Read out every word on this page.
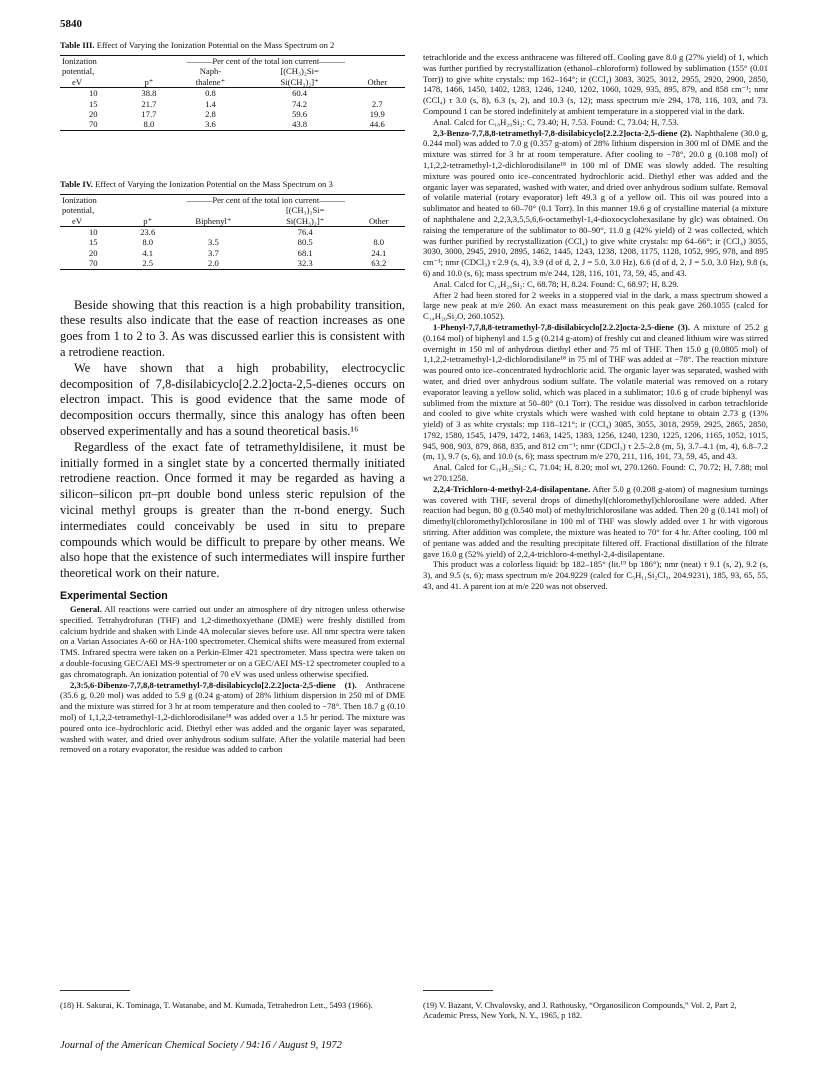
5840
Table III. Effect of Varying the Ionization Potential on the Mass Spectrum on 2
Ionization	———Per cent of the total ion current———			
potential,		Naph-	[(CH₃)₂Si=	
eV	p⁺	thalene⁺	Si(CH₃)₂]⁺	Other
10	38.8	0.8	60.4	
15	21.7	1.4	74.2	2.7
20	17.7	2.8	59.6	19.9
70	8.0	3.6	43.8	44.6
Table IV. Effect of Varying the Ionization Potential on the Mass Spectrum on 3
Ionization	———Per cent of the total ion current———			
potential,			[(CH₃)₂Si=	
eV	p⁺	Biphenyl⁺	Si(CH₃)₂]⁺	Other
10	23.6		76.4	
15	8.0	3.5	80.5	8.0
20	4.1	3.7	68.1	24.1
70	2.5	2.0	32.3	63.2

Beside showing that this reaction is a high probability transition, these results also indicate that the ease of reaction increases as one goes from 1 to 2 to 3. As was discussed earlier this is consistent with a retrodiene reaction.

We have shown that a high probability, electrocyclic decomposition of 7,8-disilabicyclo[2.2.2]octa-2,5-dienes occurs on electron impact. This is good evidence that the same mode of decomposition occurs thermally, since this analogy has often been observed experimentally and has a sound theoretical basis.¹⁶

Regardless of the exact fate of tetramethyldisilene, it must be initially formed in a singlet state by a concerted thermally initiated retrodiene reaction. Once formed it may be regarded as having a silicon–silicon pπ–pπ double bond unless steric repulsion of the vicinal methyl groups is greater than the π-bond energy. Such intermediates could conceivably be used in situ to prepare compounds which would be difficult to prepare by other means. We also hope that the existence of such intermediates will inspire further theoretical work on their nature.

Experimental Section

General. All reactions were carried out under an atmosphere of dry nitrogen unless otherwise specified. Tetrahydrofuran (THF) and 1,2-dimethoxyethane (DME) were freshly distilled from calcium hydride and shaken with Linde 4A molecular sieves before use. All nmr spectra were taken on a Varian Associates A-60 or HA-100 spectrometer. Chemical shifts were measured from external TMS. Infrared spectra were taken on a Perkin-Elmer 421 spectrometer. Mass spectra were taken on a double-focusing GEC/AEI MS-9 spectrometer or on a GEC/AEI MS-12 spectrometer coupled to a gas chromatograph. An ionization potential of 70 eV was used unless otherwise specified.

2,3:5,6-Dibenzo-7,7,8,8-tetramethyl-7,8-disilabicyclo[2.2.2]octa-2,5-diene (1). Anthracene (35.6 g, 0.20 mol) was added to 5.9 g (0.24 g-atom) of 28% lithium dispersion in 250 ml of DME and the mixture was stirred for 3 hr at room temperature and then cooled to −78°. Then 18.7 g (0.10 mol) of 1,1,2,2-tetramethyl-1,2-dichlorodisilane¹⁸ was added over a 1.5 hr period. The mixture was poured onto ice–hydrochloric acid. Diethyl ether was added and the organic layer was separated, washed with water, and dried over anhydrous sodium sulfate. After the volatile material had been removed on a rotary evaporator, the residue was added to carbon

tetrachloride and the excess anthracene was filtered off. Cooling gave 8.0 g (27% yield) of 1, which was further purified by recrystallization (ethanol–chloroform) followed by sublimation (155° (0.01 Torr)) to give white crystals: mp 162–164°; ir (CCl₄) 3083, 3025, 3012, 2955, 2920, 2900, 2850, 1478, 1466, 1450, 1402, 1283, 1246, 1240, 1202, 1060, 1029, 935, 895, 879, and 858 cm⁻¹; nmr (CCl₄) τ 3.0 (s, 8), 6.3 (s, 2), and 10.3 (s, 12); mass spectrum m/e 294, 178, 116, 103, and 73. Compound 1 can be stored indefinitely at ambient temperature in a stoppered vial in the dark.

Anal. Calcd for C₁₈H₂₀Si₂: C, 73.40; H, 7.53. Found: C, 73.04; H, 7.53.

2,3-Benzo-7,7,8,8-tetramethyl-7,8-disilabicyclo[2.2.2]octa-2,5-diene (2). Naphthalene (30.0 g, 0.244 mol) was added to 7.0 g (0.357 g-atom) of 28% lithium dispersion in 300 ml of DME and the mixture was stirred for 3 hr at room temperature. After cooling to −78°, 20.0 g (0.108 mol) of 1,1,2,2-tetramethyl-1,2-dichlorodisilane¹⁸ in 100 ml of DME was slowly added. The resulting mixture was poured onto ice–concentrated hydrochloric acid. Diethyl ether was added and the organic layer was separated, washed with water, and dried over anhydrous sodium sulfate. Removal of volatile material (rotary evaporator) left 49.3 g of a yellow oil. This oil was poured into a sublimator and heated to 60–70° (0.1 Torr). In this manner 19.6 g of crystalline material (a mixture of naphthalene and 2,2,3,3,5,5,6,6-octamethyl-1,4-dioxocyclohexasilane by glc) was obtained. On raising the temperature of the sublimator to 80–90°, 11.0 g (42% yield) of 2 was collected, which was further purified by recrystallization (CCl₄) to give white crystals: mp 64–66°; ir (CCl₄) 3055, 3030, 3000, 2945, 2910, 2895, 1462, 1445, 1243, 1238, 1208, 1175, 1128, 1052, 995, 978, and 895 cm⁻¹; nmr (CDCl₃) τ 2.9 (s, 4), 3.9 (d of d, 2, J = 5.0, 3.0 Hz), 6.6 (d of d, 2, J = 5.0, 3.0 Hz), 9.8 (s, 6) and 10.0 (s, 6); mass spectrum m/e 244, 128, 116, 101, 73, 59, 45, and 43.

Anal. Calcd for C₁₄H₂₀Si₂: C, 68.78; H, 8.24. Found: C, 68.97; H, 8.29.

After 2 had been stored for 2 weeks in a stoppered vial in the dark, a mass spectrum showed a large new peak at m/e 260. An exact mass measurement on this peak gave 260.1055 (calcd for C₁₄H₂₀Si₂O, 260.1052).

1-Phenyl-7,7,8,8-tetramethyl-7,8-disilabicyclo[2.2.2]octa-2,5-diene (3). A mixture of 25.2 g (0.164 mol) of biphenyl and 1.5 g (0.214 g-atom) of freshly cut and cleaned lithium wire was stirred overnight in 150 ml of anhydrous diethyl ether and 75 ml of THF. Then 15.0 g (0.0805 mol) of 1,1,2,2-tetramethyl-1,2-dichlorodisilane¹⁸ in 75 ml of THF was added at −78°. The reaction mixture was poured onto ice–concentrated hydrochloric acid. The organic layer was separated, washed with water, and dried over anhydrous sodium sulfate. The volatile material was removed on a rotary evaporator leaving a yellow solid, which was placed in a sublimator; 10.6 g of crude biphenyl was sublimed from the mixture at 50–80° (0.1 Torr). The residue was dissolved in carbon tetrachloride and cooled to give white crystals which were washed with cold heptane to obtain 2.73 g (13% yield) of 3 as white crystals: mp 118–121°; ir (CCl₄) 3085, 3055, 3018, 2959, 2925, 2865, 2850, 1792, 1580, 1545, 1479, 1472, 1463, 1425, 1383, 1256, 1240, 1230, 1225, 1206, 1165, 1052, 1015, 945, 908, 903, 879, 868, 835, and 812 cm⁻¹; nmr (CDCl₃) τ 2.5–2.8 (m, 5), 3.7–4.1 (m, 4), 6.8–7.2 (m, 1), 9.7 (s, 6), and 10.0 (s, 6); mass spectrum m/e 270, 211, 116, 101, 73, 59, 45, and 43.

Anal. Calcd for C₁₆H₂₂Si₂: C, 71.04; H, 8.20; mol wt, 270.1260. Found: C, 70.72; H, 7.88; mol wt 270.1258.

2,2,4-Trichloro-4-methyl-2,4-disilapentane. After 5.0 g (0.208 g-atom) of magnesium turnings was covered with THF, several drops of dimethyl(chloromethyl)chlorosilane were added. After reaction had begun, 80 g (0.540 mol) of methyltrichlorosilane was added. Then 20 g (0.141 mol) of dimethyl(chloromethyl)chlorosilane in 100 ml of THF was slowly added over 1 hr with vigorous stirring. After addition was complete, the mixture was heated to 70° for 4 hr. After cooling, 100 ml of pentane was added and the resulting precipitate filtered off. Fractional distillation of the filtrate gave 16.0 g (52% yield) of 2,2,4-trichloro-4-methyl-2,4-disilapentane.

This product was a colorless liquid: bp 182–185° (lit.¹⁹ bp 186°); nmr (neat) τ 9.1 (s, 2), 9.2 (s, 3), and 9.5 (s, 6); mass spectrum m/e 204.9229 (calcd for C₅H₁₁Si₂Cl₃, 204.9231), 185, 93, 65, 55, 43, and 41. A parent ion at m/e 220 was not observed.

(18) H. Sakurai, K. Tominaga, T. Watanabe, and M. Kumada, Tetrahedron Lett., 5493 (1966).	(19) V. Bazant, V. Chvalovsky, and J. Rathousky, “Organosilicon Compounds,” Vol. 2, Part 2, Academic Press, New York, N. Y., 1965, p 182.
Journal of the American Chemical Society / 94:16 / August 9, 1972
